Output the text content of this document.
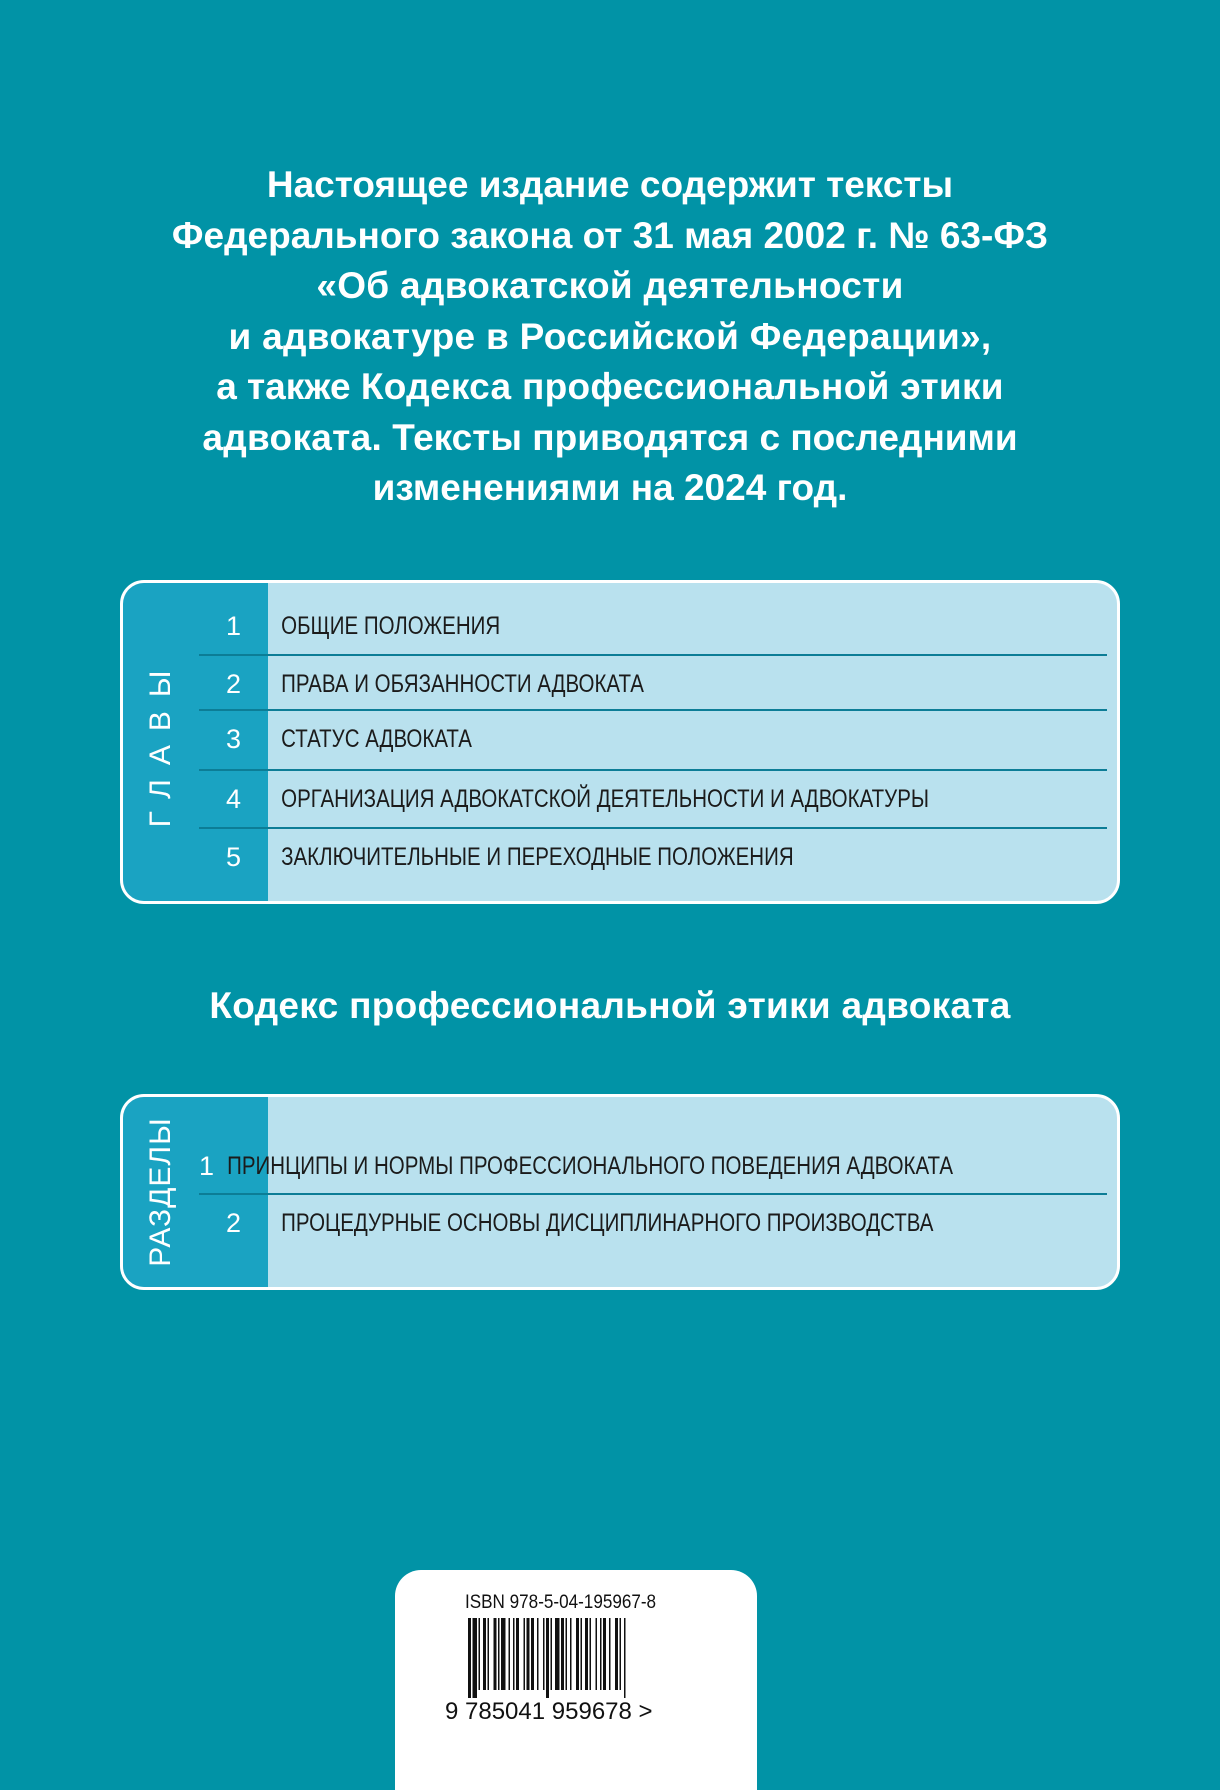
Настоящее издание содержит тексты
Федерального закона от 31 мая 2002 г. № 63-ФЗ
«Об адвокатской деятельности
и адвокатуре в Российской Федерации»,
а также Кодекса профессиональной этики
адвоката. Тексты приводятся с последними
изменениями на 2024 год.
ГЛАВЫ
1	ОБЩИЕ ПОЛОЖЕНИЯ
2	ПРАВА И ОБЯЗАННОСТИ АДВОКАТА
3	СТАТУС АДВОКАТА
4	ОРГАНИЗАЦИЯ АДВОКАТСКОЙ ДЕЯТЕЛЬНОСТИ И АДВОКАТУРЫ
5	ЗАКЛЮЧИТЕЛЬНЫЕ И ПЕРЕХОДНЫЕ ПОЛОЖЕНИЯ
Кодекс профессиональной этики адвоката
РАЗДЕЛЫ 1 ПРИНЦИПЫ И НОРМЫ ПРОФЕССИОНАЛЬНОГО ПОВЕДЕНИЯ АДВОКАТА
2	ПРОЦЕДУРНЫЕ ОСНОВЫ ДИСЦИПЛИНАРНОГО ПРОИЗВОДСТВА
ISBN 978-5-04-195967-8
9 785041 959678 >
